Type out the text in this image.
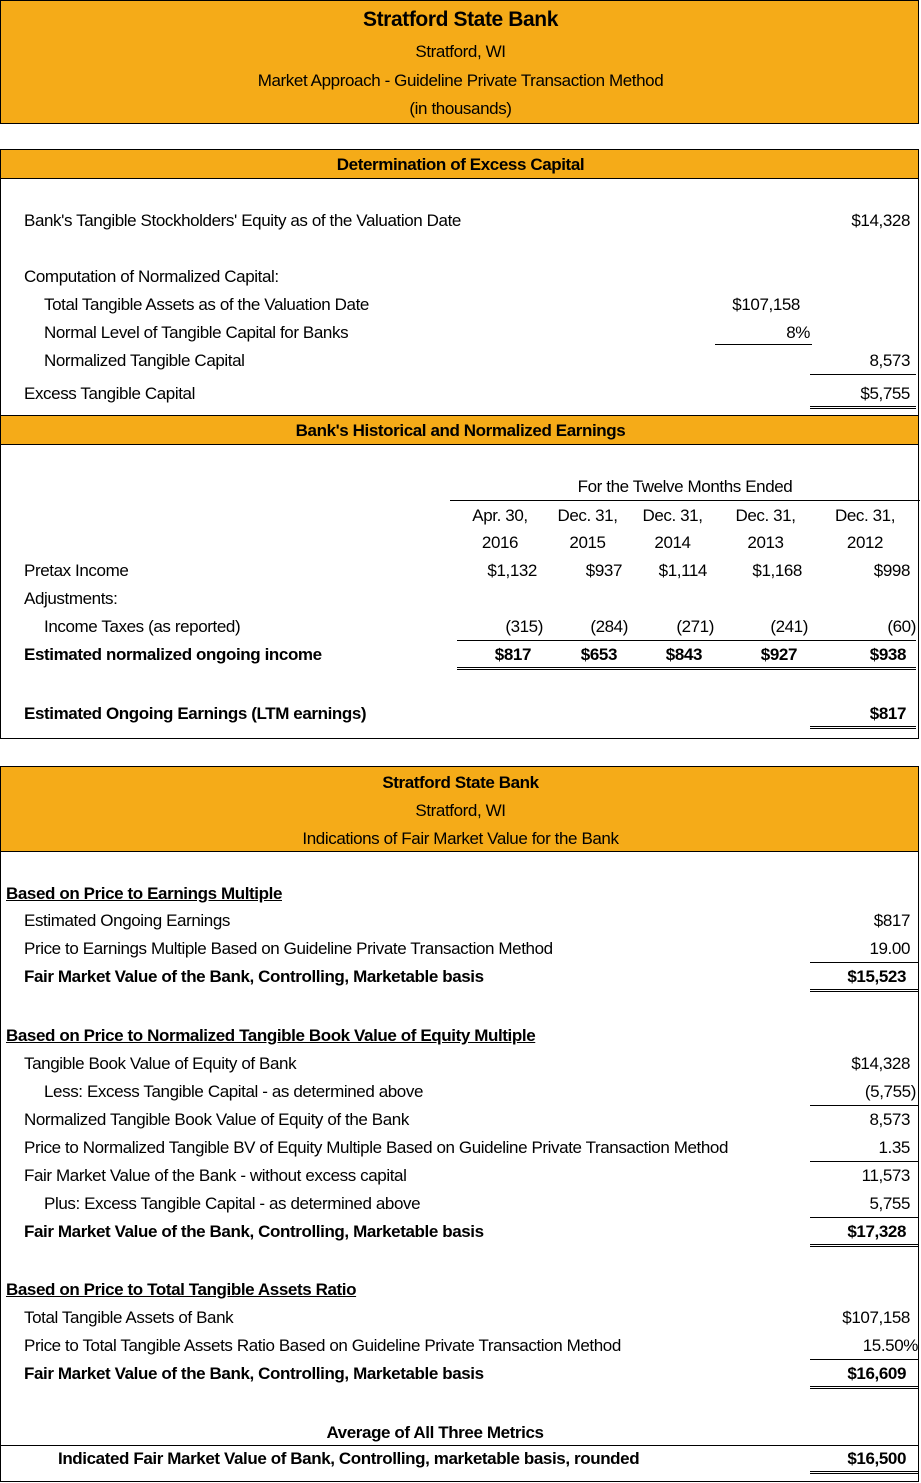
Stratford State Bank
Stratford, WI
Market Approach - Guideline Private Transaction Method
(in thousands)
Determination of Excess Capital
Bank's Historical and Normalized Earnings
Bank's Tangible Stockholders' Equity as of the Valuation Date	$14,328
Computation of Normalized Capital:
Total Tangible Assets as of the Valuation Date	$107,158
Normal Level of Tangible Capital for Banks	8%
Normalized Tangible Capital	8,573
Excess Tangible Capital	$5,755
For the Twelve Months Ended
Apr. 30,	Dec. 31,	Dec. 31,	Dec. 31,	Dec. 31,
2016	2015	2014	2013	2012
Pretax Income	$1,132	$937	$1,114	$1,168	$998
Adjustments:
Income Taxes (as reported)	(315)	(284)	(271)	(241)	(60)
Estimated normalized ongoing income	$817	$653	$843	$927	$938
Estimated Ongoing Earnings (LTM earnings)	$817
Stratford State Bank
Stratford, WI
Indications of Fair Market Value for the Bank
Based on Price to Earnings Multiple
Estimated Ongoing Earnings	$817
Price to Earnings Multiple Based on Guideline Private Transaction Method	19.00
Fair Market Value of the Bank, Controlling, Marketable basis	$15,523
Based on Price to Normalized Tangible Book Value of Equity Multiple
Tangible Book Value of Equity of Bank	$14,328
Less: Excess Tangible Capital - as determined above	(5,755)
Normalized Tangible Book Value of Equity of the Bank	8,573
Price to Normalized Tangible BV of Equity Multiple Based on Guideline Private Transaction Method	1.35
Fair Market Value of the Bank - without excess capital	11,573
Plus: Excess Tangible Capital - as determined above	5,755
Fair Market Value of the Bank, Controlling, Marketable basis	$17,328
Based on Price to Total Tangible Assets Ratio
Total Tangible Assets of Bank	$107,158
Price to Total Tangible Assets Ratio Based on Guideline Private Transaction Method	15.50%
Fair Market Value of the Bank, Controlling, Marketable basis	$16,609
Average of All Three Metrics
Indicated Fair Market Value of Bank, Controlling, marketable basis, rounded	$16,500
